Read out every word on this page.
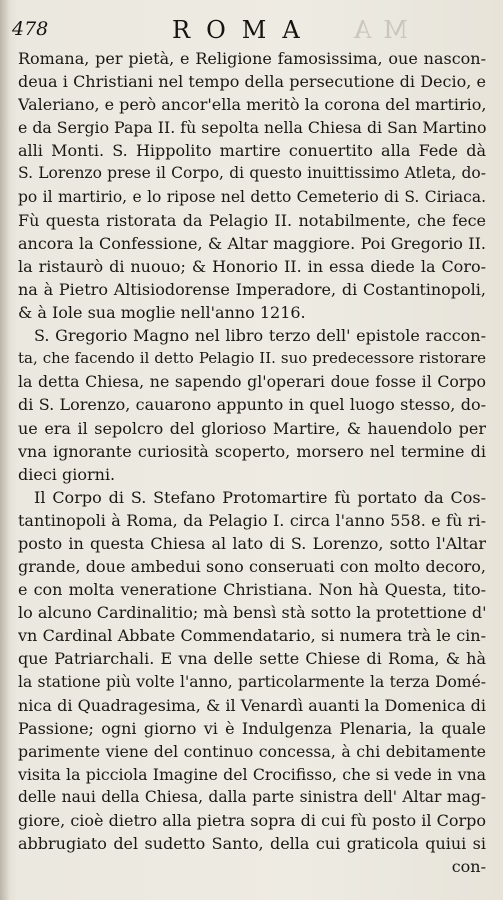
478	ROMA MA
Romana, per pietà, e Religione famosissima, oue nascon-
deua i Christiani nel tempo della persecutione di Decio, e
Valeriano, e però ancor'ella meritò la corona del martirio,
e da Sergio Papa II. fù sepolta nella Chiesa di San Martino
alli Monti. S. Hippolito martire conuertito alla Fede dà
S. Lorenzo prese il Corpo, di questo inuittissimo Atleta, do-
po il martirio, e lo ripose nel detto Cemeterio di S. Ciriaca.
Fù questa ristorata da Pelagio II. notabilmente, che fece
ancora la Confessione, & Altar maggiore. Poi Gregorio II.
la ristaurò di nuouo; & Honorio II. in essa diede la Coro-
na à Pietro Altisiodorense Imperadore, di Costantinopoli,
& à Iole sua moglie nell'anno 1216.
S. Gregorio Magno nel libro terzo dell' epistole raccon-
ta, che facendo il detto Pelagio II. suo predecessore ristorare
la detta Chiesa, ne sapendo gl'operari doue fosse il Corpo
di S. Lorenzo, cauarono appunto in quel luogo stesso, do-
ue era il sepolcro del glorioso Martire, & hauendolo per
vna ignorante curiosità scoperto, morsero nel termine di
dieci giorni.
Il Corpo di S. Stefano Protomartire fù portato da Cos-
tantinopoli à Roma, da Pelagio I. circa l'anno 558. e fù ri-
posto in questa Chiesa al lato di S. Lorenzo, sotto l'Altar
grande, doue ambedui sono conseruati con molto decoro,
e con molta veneratione Christiana. Non hà Questa, tito-
lo alcuno Cardinalitio; mà bensì stà sotto la protettione d'
vn Cardinal Abbate Commendatario, si numera trà le cin-
que Patriarchali. E vna delle sette Chiese di Roma, & hà
la statione più volte l'anno, particolarmente la terza Domé-
nica di Quadragesima, & il Venardì auanti la Domenica di
Passione; ogni giorno vi è Indulgenza Plenaria, la quale
parimente viene del continuo concessa, à chi debitamente
visita la picciola Imagine del Crocifisso, che si vede in vna
delle naui della Chiesa, dalla parte sinistra dell' Altar mag-
giore, cioè dietro alla pietra sopra di cui fù posto il Corpo
abbrugiato del sudetto Santo, della cui graticola quiui si
con-
